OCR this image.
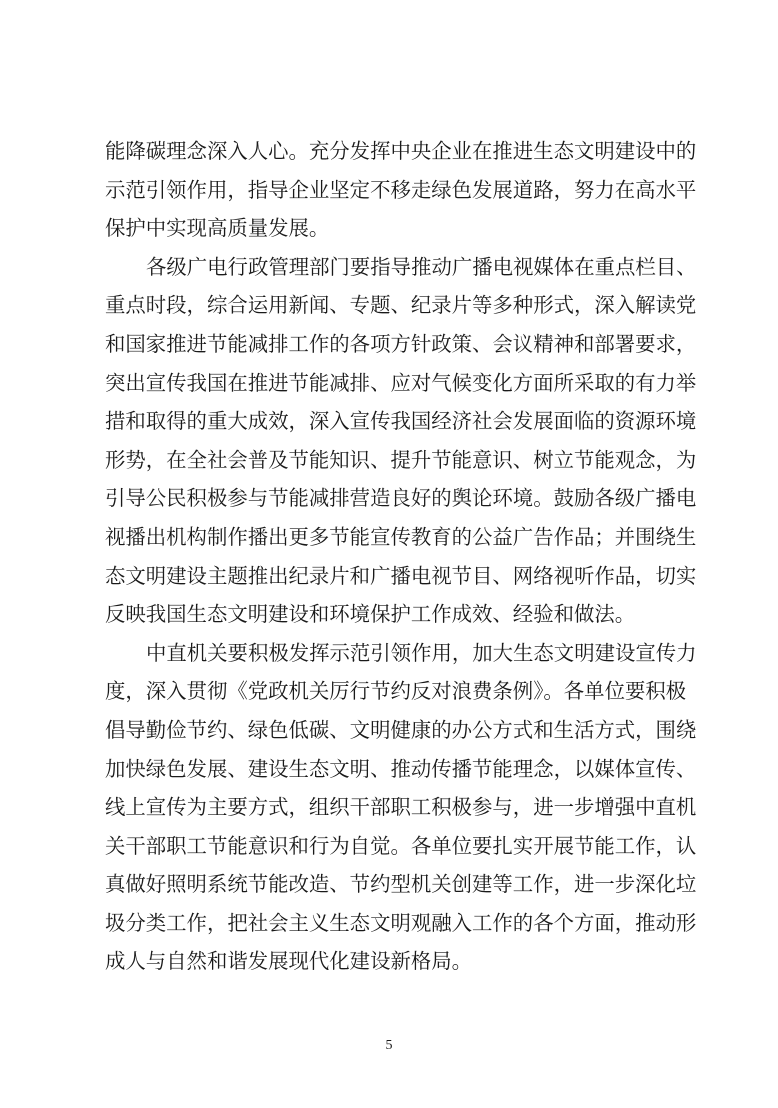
能降碳理念深入人心。充分发挥中央企业在推进生态文明建设中的
示范引领作用，指导企业坚定不移走绿色发展道路，努力在高水平
保护中实现高质量发展。
各级广电行政管理部门要指导推动广播电视媒体在重点栏目、
重点时段，综合运用新闻、专题、纪录片等多种形式，深入解读党
和国家推进节能减排工作的各项方针政策、会议精神和部署要求，
突出宣传我国在推进节能减排、应对气候变化方面所采取的有力举
措和取得的重大成效，深入宣传我国经济社会发展面临的资源环境
形势，在全社会普及节能知识、提升节能意识、树立节能观念，为
引导公民积极参与节能减排营造良好的舆论环境。鼓励各级广播电
视播出机构制作播出更多节能宣传教育的公益广告作品；并围绕生
态文明建设主题推出纪录片和广播电视节目、网络视听作品，切实
反映我国生态文明建设和环境保护工作成效、经验和做法。
中直机关要积极发挥示范引领作用，加大生态文明建设宣传力
度，深入贯彻《党政机关厉行节约反对浪费条例》。各单位要积极
倡导勤俭节约、绿色低碳、文明健康的办公方式和生活方式，围绕
加快绿色发展、建设生态文明、推动传播节能理念，以媒体宣传、
线上宣传为主要方式，组织干部职工积极参与，进一步增强中直机
关干部职工节能意识和行为自觉。各单位要扎实开展节能工作，认
真做好照明系统节能改造、节约型机关创建等工作，进一步深化垃
圾分类工作，把社会主义生态文明观融入工作的各个方面，推动形
成人与自然和谐发展现代化建设新格局。
5
